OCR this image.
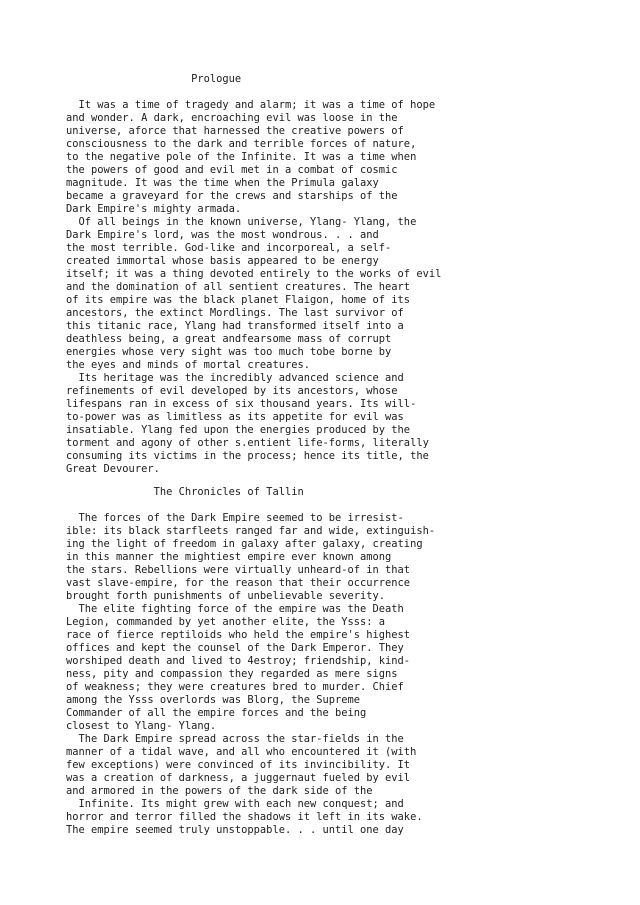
Prologue
It was a time of tragedy and alarm; it was a time of hope
and wonder. A dark, encroaching evil was loose in the
universe, aforce that harnessed the creative powers of
consciousness to the dark and terrible forces of nature,
to the negative pole of the Infinite. It was a time when
the powers of good and evil met in a combat of cosmic
magnitude. It was the time when the Primula galaxy
became a graveyard for the crews and starships of the
Dark Empire's mighty armada.
Of all beings in the known universe, Ylang- Ylang, the
Dark Empire's lord, was the most wondrous. . . and
the most terrible. God-like and incorporeal, a self-
created immortal whose basis appeared to be energy
itself; it was a thing devoted entirely to the works of evil
and the domination of all sentient creatures. The heart
of its empire was the black planet Flaigon, home of its
ancestors, the extinct Mordlings. The last survivor of
this titanic race, Ylang had transformed itself into a
deathless being, a great andfearsome mass of corrupt
energies whose very sight was too much tobe borne by
the eyes and minds of mortal creatures.
Its heritage was the incredibly advanced science and
refinements of evil developed by its ancestors, whose
lifespans ran in excess of six thousand years. Its will-
to-power was as limitless as its appetite for evil was
insatiable. Ylang fed upon the energies produced by the
torment and agony of other s.entient life-forms, literally
consuming its victims in the process; hence its title, the
Great Devourer.
The Chronicles of Tallin
The forces of the Dark Empire seemed to be irresist-
ible: its black starfleets ranged far and wide, extinguish-
ing the light of freedom in galaxy after galaxy, creating
in this manner the mightiest empire ever known among
the stars. Rebellions were virtually unheard-of in that
vast slave-empire, for the reason that their occurrence
brought forth punishments of unbelievable severity.
The elite fighting force of the empire was the Death
Legion, commanded by yet another elite, the Ysss: a
race of fierce reptiloids who held the empire's highest
offices and kept the counsel of the Dark Emperor. They
worshiped death and lived to 4estroy; friendship, kind-
ness, pity and compassion they regarded as mere signs
of weakness; they were creatures bred to murder. Chief
among the Ysss overlords was Blorg, the Supreme
Commander of all the empire forces and the being
closest to Ylang- Ylang.
The Dark Empire spread across the star-fields in the
manner of a tidal wave, and all who encountered it (with
few exceptions) were convinced of its invincibility. It
was a creation of darkness, a juggernaut fueled by evil
and armored in the powers of the dark side of the
Infinite. Its might grew with each new conquest; and
horror and terror filled the shadows it left in its wake.
The empire seemed truly unstoppable. . . until one day
